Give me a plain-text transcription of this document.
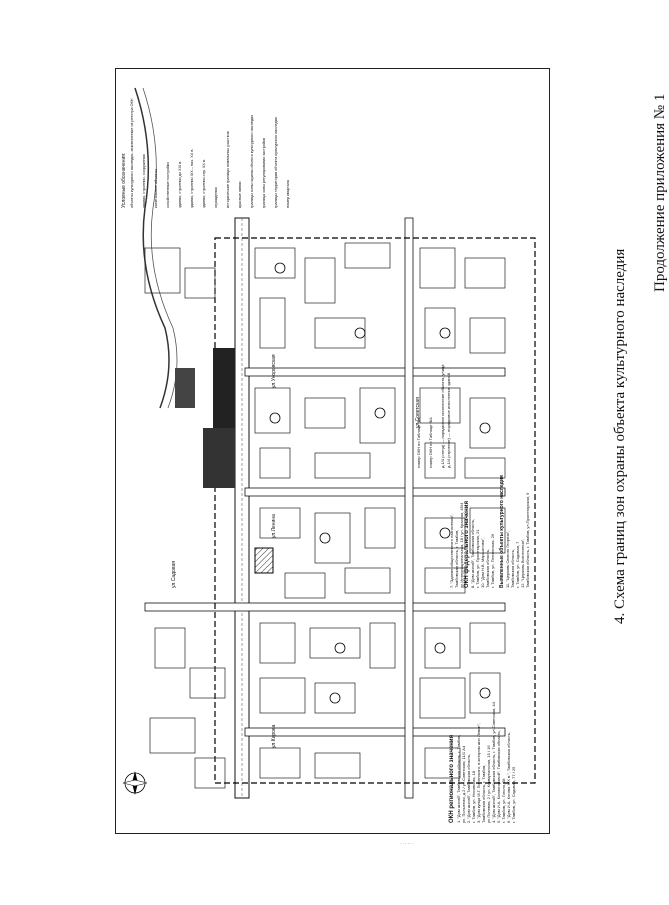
Продолжение приложения № 1
4. Схема границ зон охраны объекта культурного наследия
ул.Садовая
ул.Уноровская
ул.Ленина
ул.Кирова
ул.Советская
ОКН регионального значения 1. "Дом жилой", Тамбовская область, г. Тамбов, ул. Полынная, д.2 / ул.Советская, 11/1 А4 2. "Дом жилой", Тамбовская область, г. Тамбов, ул. Носовская, 18 3. "Дом купца М.Г. Поленского, в котором жил Левин", Тамбовская область, г. Тамбов, ул.Полевая, 2 / ул. Коммунальная, 15 / 16 4. "Дом жилой", Тамбовская область, г. Тамбов, ул.Советская, 44 5. "Дом И.А. Колмогоровой", Тамбовская область, г. Тамбов, ул. Гоголя, 28 6. "Дом И.А. Котова XIX в.", Тамбовская область, г. Тамбов, ул. Садовая, 77 / 25
7. "Здание общественного назначения", Тамбовская область, г. Тамбов, ул.Интернациональная, 18 / ул. Красная, 45/4 ОКН федерального значения 8. "Дом жилой", Тамбовская область, г. Тамбов, ул. Пролетарская, 21 10. "Дом Н.В. Маршалова", Тамбовская область, г. Тамбов, ул. Пензенская, 29 Выявленные объекты культурного наследия 11. "Церковь Святого Георгия", Тамбовская область, г. Тамбов, ул. Садовая, 7 12. "Церковь Вознесения", Тамбовская область, г. Тамбов, ул.Пролетарская, 9
номер ОКН по Таблице №1 номер ОКН по Таблице №1 д.1/4 (стенд) — порядковое исполнение объекта, улица д.1/4 (строение) — порядковое исполнение зданий
Условные обозначения: объекты культурного наследия, исключенные из реестра ОКН здания, строения, сооружения капитальные объекты хозяйственные постройки здания, строения до XIX в. здания, строения XIX – нач. XX в. здания, строения сер. XX в. ограждения исторические границы земельных участков красные линии границы зоны охраны объекта культурного наследия граница зоны регулирования застройки границы территории объекта культурного наследия номер квартала
· ·· ·· ·
